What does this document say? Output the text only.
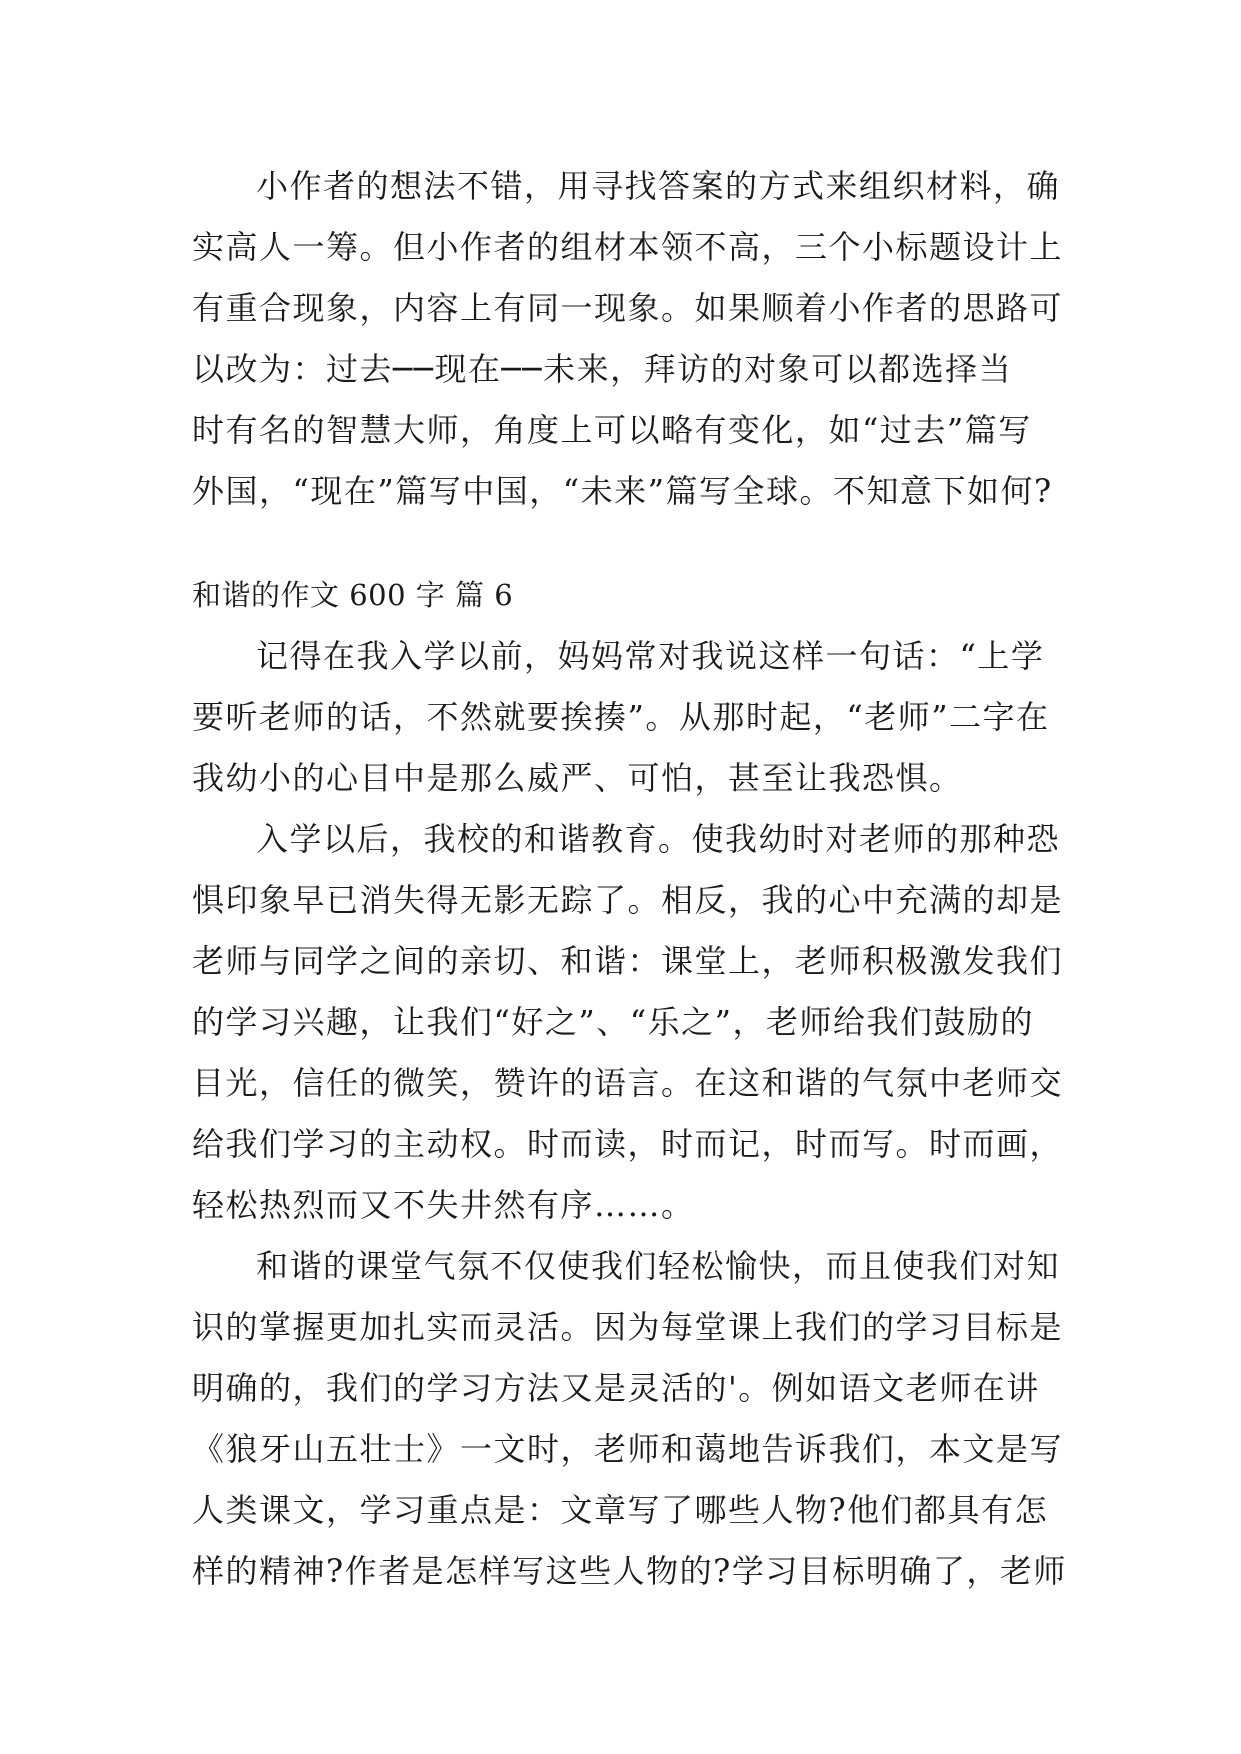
小作者的想法不错，用寻找答案的方式来组织材料，确
实高人一筹。但小作者的组材本领不高，三个小标题设计上
有重合现象，内容上有同一现象。如果顺着小作者的思路可
以改为：过去──现在──未来，拜访的对象可以都选择当
时有名的智慧大师，角度上可以略有变化，如“过去”篇写
外国，“现在”篇写中国，“未来”篇写全球。不知意下如何?
和谐的作文 600 字 篇 6
记得在我入学以前，妈妈常对我说这样一句话：“上学
要听老师的话，不然就要挨揍”。从那时起，“老师”二字在
我幼小的心目中是那么威严、可怕，甚至让我恐惧。
入学以后，我校的和谐教育。使我幼时对老师的那种恐
惧印象早已消失得无影无踪了。相反，我的心中充满的却是
老师与同学之间的亲切、和谐：课堂上，老师积极激发我们
的学习兴趣，让我们“好之”、“乐之”，老师给我们鼓励的
目光，信任的微笑，赞许的语言。在这和谐的气氛中老师交
给我们学习的主动权。时而读，时而记，时而写。时而画，
轻松热烈而又不失井然有序……。
和谐的课堂气氛不仅使我们轻松愉快，而且使我们对知
识的掌握更加扎实而灵活。因为每堂课上我们的学习目标是
明确的，我们的学习方法又是灵活的'。例如语文老师在讲
《狼牙山五壮士》一文时，老师和蔼地告诉我们，本文是写
人类课文，学习重点是：文章写了哪些人物?他们都具有怎
样的精神?作者是怎样写这些人物的?学习目标明确了，老师
